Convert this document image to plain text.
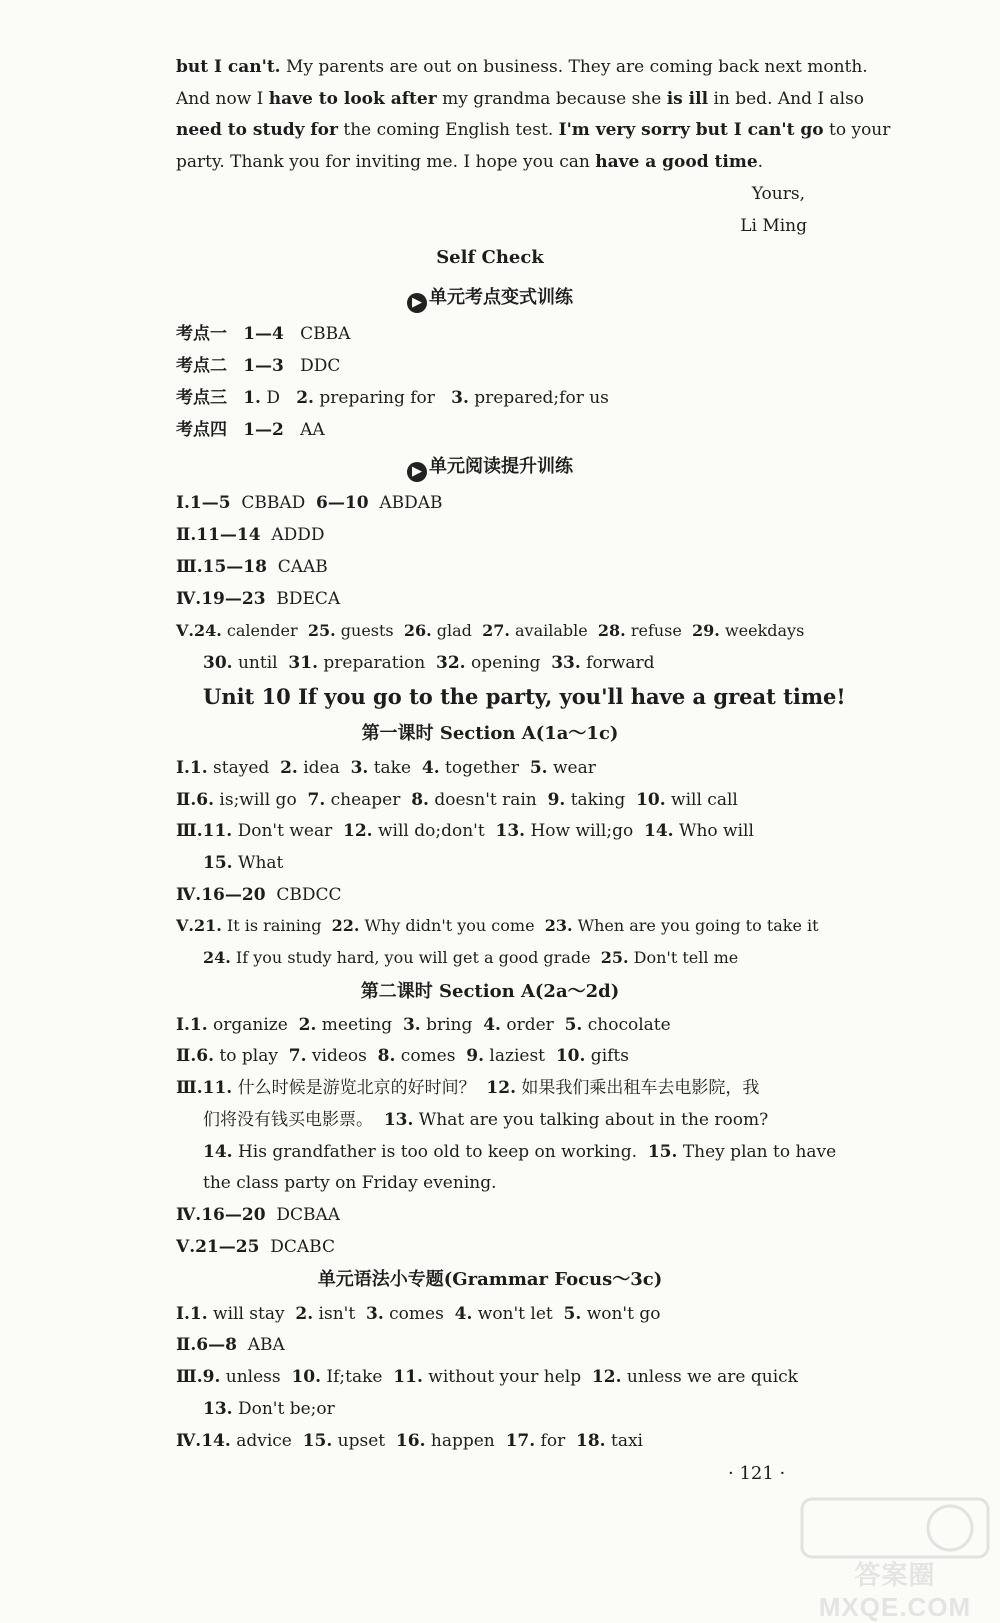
but I can't. My parents are out on business. They are coming back next month.
And now I have to look after my grandma because she is ill in bed. And I also
need to study for the coming English test. I'm very sorry but I can't go to your
party. Thank you for inviting me. I hope you can have a good time.
Yours,
Li Ming
Self Check
▶ 单元考点变式训练
考点一 1—4 CBBA
考点二 1—3 DDC
考点三 1. D   2. preparing for   3. prepared;for us
考点四 1—2 AA
▶ 单元阅读提升训练
Ⅰ.1—5  CBBAD  6—10  ABDAB
Ⅱ.11—14  ADDD
Ⅲ.15—18  CAAB
Ⅳ.19—23  BDECA
Ⅴ.24. calender  25. guests  26. glad  27. available  28. refuse  29. weekdays
30. until  31. preparation  32. opening  33. forward
Unit 10 If you go to the party, you'll have a great time!
第一课时 Section A(1a～1c)
Ⅰ.1. stayed  2. idea  3. take  4. together  5. wear
Ⅱ.6. is;will go  7. cheaper  8. doesn't rain  9. taking  10. will call
Ⅲ.11. Don't wear  12. will do;don't  13. How will;go  14. Who will
15. What
Ⅳ.16—20  CBDCC
Ⅴ.21. It is raining  22. Why didn't you come  23. When are you going to take it
24. If you study hard, you will get a good grade  25. Don't tell me
第二课时 Section A(2a～2d)
Ⅰ.1. organize  2. meeting  3. bring  4. order  5. chocolate
Ⅱ.6. to play  7. videos  8. comes  9. laziest  10. gifts
Ⅲ.11. 什么时候是游览北京的好时间？  12. 如果我们乘出租车去电影院，我
们将没有钱买电影票。  13. What are you talking about in the room?
14. His grandfather is too old to keep on working.  15. They plan to have
the class party on Friday evening.
Ⅳ.16—20  DCBAA
Ⅴ.21—25  DCABC
单元语法小专题(Grammar Focus～3c)
Ⅰ.1. will stay  2. isn't  3. comes  4. won't let  5. won't go
Ⅱ.6—8  ABA
Ⅲ.9. unless  10. If;take  11. without your help  12. unless we are quick
13. Don't be;or
Ⅳ.14. advice  15. upset  16. happen  17. for  18. taxi
· 121 ·
答案圈 MXQE.COM
